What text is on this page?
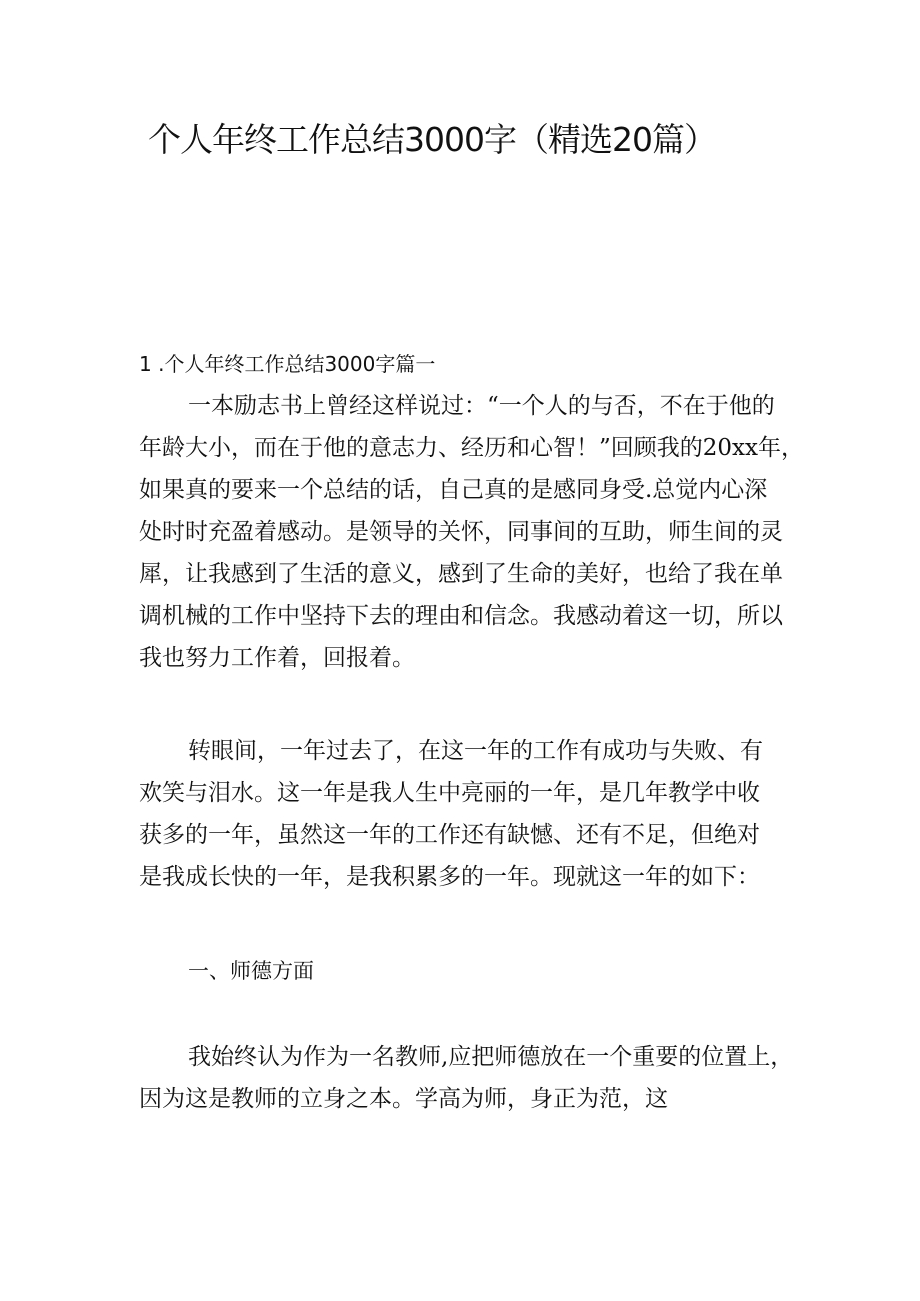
个人年终工作总结3000字（精选20篇）
1 .个人年终工作总结3000字篇一
一本励志书上曾经这样说过：“一个人的与否，不在于他的
年龄大小，而在于他的意志力、经历和心智！”回顾我的20xx年，
如果真的要来一个总结的话，自己真的是感同身受.总觉内心深
处时时充盈着感动。是领导的关怀，同事间的互助，师生间的灵
犀，让我感到了生活的意义，感到了生命的美好，也给了我在单
调机械的工作中坚持下去的理由和信念。我感动着这一切，所以
我也努力工作着，回报着。
转眼间，一年过去了，在这一年的工作有成功与失败、有
欢笑与泪水。这一年是我人生中亮丽的一年，是几年教学中收
获多的一年，虽然这一年的工作还有缺憾、还有不足，但绝对
是我成长快的一年，是我积累多的一年。现就这一年的如下：
一、师德方面
我始终认为作为一名教师,应把师德放在一个重要的位置上，
因为这是教师的立身之本。学高为师，身正为范，这
